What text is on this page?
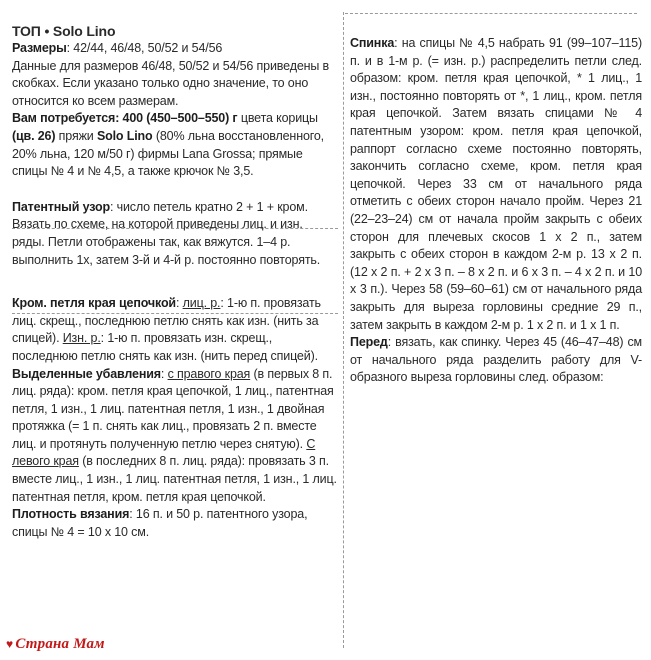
ТОП • Solo Lino

Размеры: 42/44, 46/48, 50/52 и 54/56

Данные для размеров 46/48, 50/52 и 54/56 приведены в скобках. Если указано только одно значение, то оно относится ко всем размерам.

Вам потребуется: 400 (450–500–550) г цвета корицы (цв. 26) пряжи Solo Lino (80% льна восстановленного, 20% льна, 120 м/50 г) фирмы Lana Grossa; прямые спицы № 4 и № 4,5, а также крючок № 3,5.

Патентный узор: число петель кратно 2 + 1 + кром. Вязать по схеме, на которой приведены лиц. и изн. ряды. Петли отображены так, как вяжутся. 1–4 р. выполнить 1х, затем 3-й и 4-й р. постоянно повторять.

Кром. петля края цепочкой: лиц. р.: 1-ю п. провязать лиц. скрещ., последнюю петлю снять как изн. (нить за спицей). Изн. р.: 1-ю п. провязать изн. скрещ., последнюю петлю снять как изн. (нить перед спицей).

Выделенные убавления: с правого края (в первых 8 п. лиц. ряда): кром. петля края цепочкой, 1 лиц., патентная петля, 1 изн., 1 лиц. патентная петля, 1 изн., 1 двойная протяжка (= 1 п. снять как лиц., провязать 2 п. вместе лиц. и протянуть полученную петлю через снятую). С левого края (в последних 8 п. лиц. ряда): провязать 3 п. вместе лиц., 1 изн., 1 лиц. патентная петля, 1 изн., 1 лиц. патентная петля, кром. петля края цепочкой.

Плотность вязания: 16 п. и 50 р. патентного узора, спицы № 4 = 10 х 10 см.

Спинка: на спицы № 4,5 набрать 91 (99–107–115) п. и в 1-м р. (= изн. р.) распределить петли след. образом: кром. петля края цепочкой, * 1 лиц., 1 изн., постоянно повторять от *, 1 лиц., кром. петля края цепочкой. Затем вязать спицами № 4 патентным узором: кром. петля края цепочкой, раппорт согласно схеме постоянно повторять, закончить согласно схеме, кром. петля края цепочкой. Через 33 см от начального ряда отметить с обеих сторон начало пройм. Через 21 (22–23–24) см от начала пройм закрыть с обеих сторон для плечевых скосов 1 х 2 п., затем закрыть с обеих сторон в каждом 2-м р. 13 х 2 п. (12 х 2 п. + 2 х 3 п. – 8 х 2 п. и 6 х 3 п. – 4 х 2 п. и 10 х 3 п.). Через 58 (59–60–61) см от начального ряда закрыть для выреза горловины средние 29 п., затем закрыть в каждом 2-м р. 1 х 2 п. и 1 х 1 п.

Перед: вязать, как спинку. Через 45 (46–47–48) см от начального ряда разделить работу для V-образного выреза горловины след. образом:

♥ Страна Мам
